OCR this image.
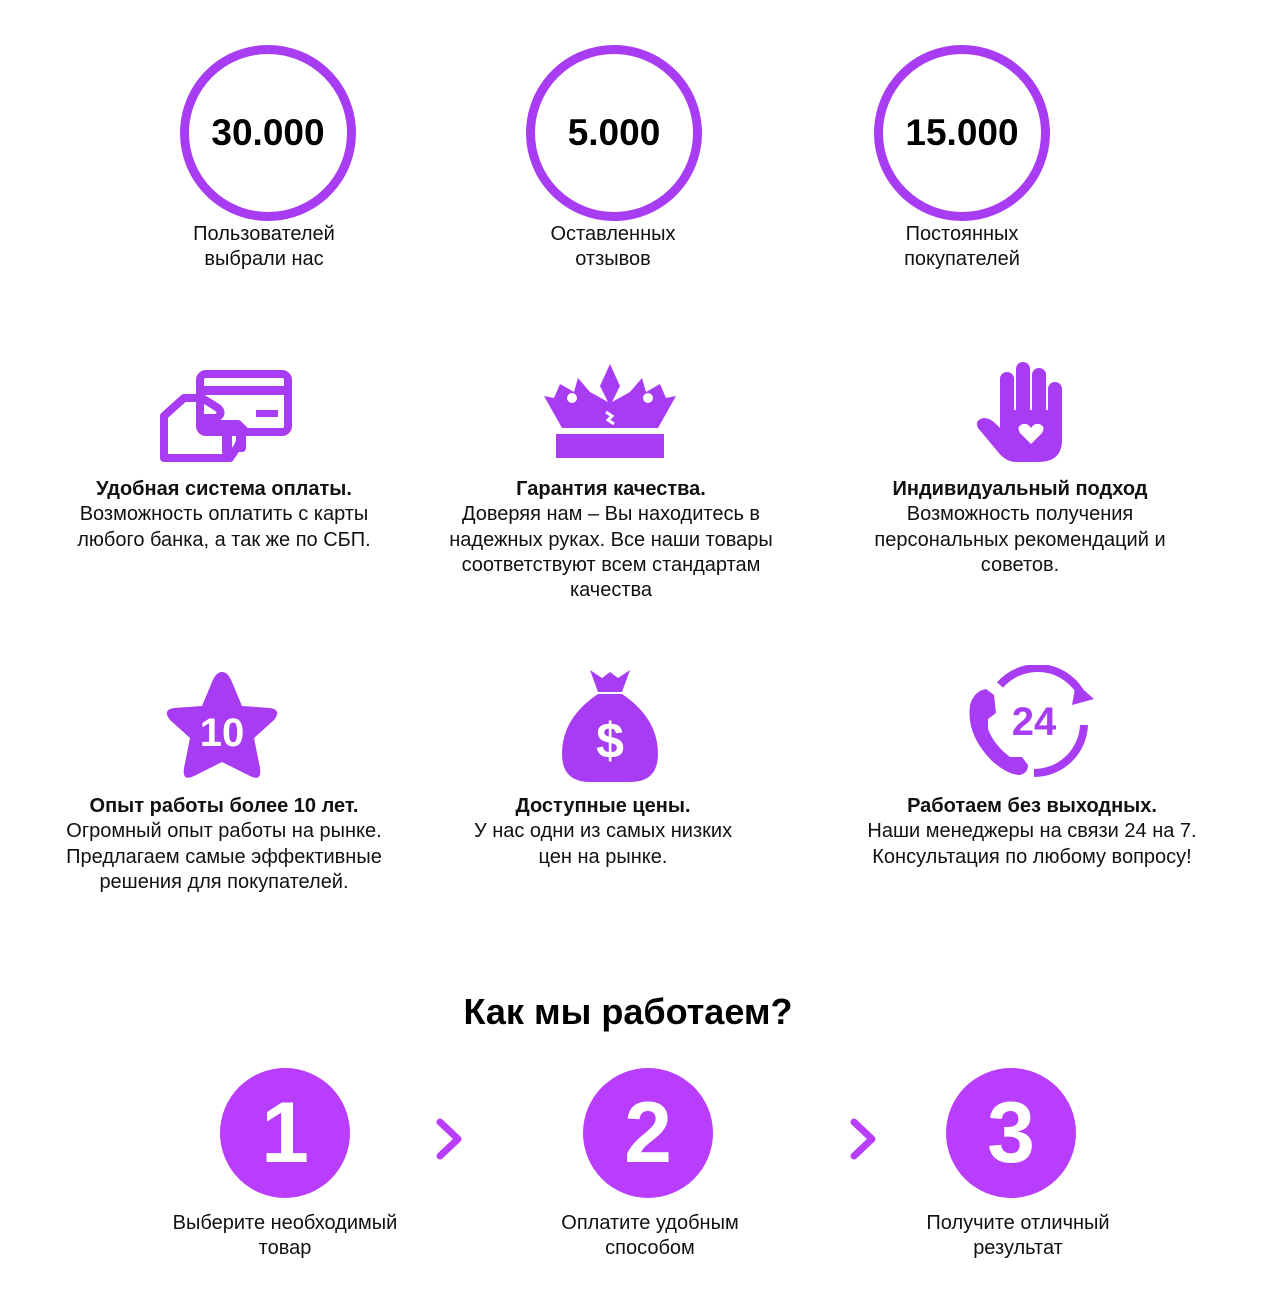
30.000
Пользователей
выбрали нас
5.000
Оставленных
отзывов
15.000
Постоянных
покупателей
Удобная система оплаты.
Возможность оплатить с карты
любого банка, а так же по СБП.
Гарантия качества.
Доверяя нам – Вы находитесь в
надежных руках. Все наши товары
соответствуют всем стандартам
качества
Индивидуальный подход
Возможность получения
персональных рекомендаций и
советов.
10	$	24
Опыт работы более 10 лет.
Огромный опыт работы на рынке.
Предлагаем самые эффективные
решения для покупателей.
Доступные цены.
У нас одни из самых низких
цен на рынке.
Работаем без выходных.
Наши менеджеры на связи 24 на 7.
Консультация по любому вопросу!
Как мы работаем?
1	2	3
Выберите необходимый
товар
Оплатите удобным
способом
Получите отличный
результат
